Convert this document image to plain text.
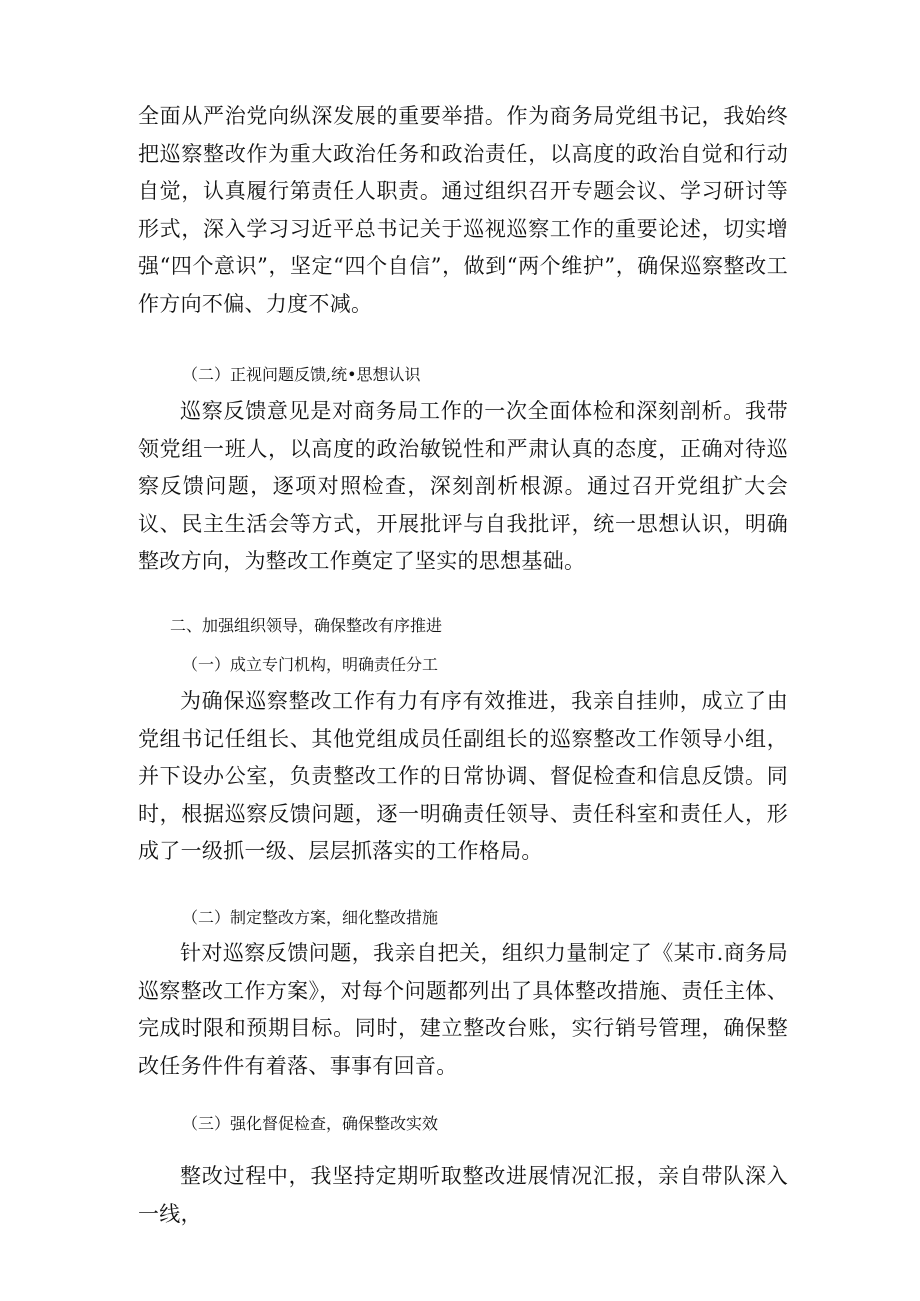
全面从严治党向纵深发展的重要举措。作为商务局党组书记，我始终把巡察整改作为重大政治任务和政治责任，以高度的政治自觉和行动自觉，认真履行第责任人职责。通过组织召开专题会议、学习研讨等形式，深入学习习近平总书记关于巡视巡察工作的重要论述，切实增强“四个意识”，坚定“四个自信”，做到“两个维护”，确保巡察整改工作方向不偏、力度不减。

（二）正视问题反馈,统•思想认识

巡察反馈意见是对商务局工作的一次全面体检和深刻剖析。我带领党组一班人，以高度的政治敏锐性和严肃认真的态度，正确对待巡察反馈问题，逐项对照检查，深刻剖析根源。通过召开党组扩大会议、民主生活会等方式，开展批评与自我批评，统一思想认识，明确整改方向，为整改工作奠定了坚实的思想基础。

二、加强组织领导，确保整改有序推进

（一）成立专门机构，明确责任分工

为确保巡察整改工作有力有序有效推进，我亲自挂帅，成立了由党组书记任组长、其他党组成员任副组长的巡察整改工作领导小组，并下设办公室，负责整改工作的日常协调、督促检查和信息反馈。同时，根据巡察反馈问题，逐一明确责任领导、责任科室和责任人，形成了一级抓一级、层层抓落实的工作格局。

（二）制定整改方案，细化整改措施

针对巡察反馈问题，我亲自把关，组织力量制定了《某市.商务局巡察整改工作方案》，对每个问题都列出了具体整改措施、责任主体、完成时限和预期目标。同时，建立整改台账，实行销号管理，确保整改任务件件有着落、事事有回音。

（三）强化督促检查，确保整改实效

整改过程中，我坚持定期听取整改进展情况汇报，亲自带队深入一线，
